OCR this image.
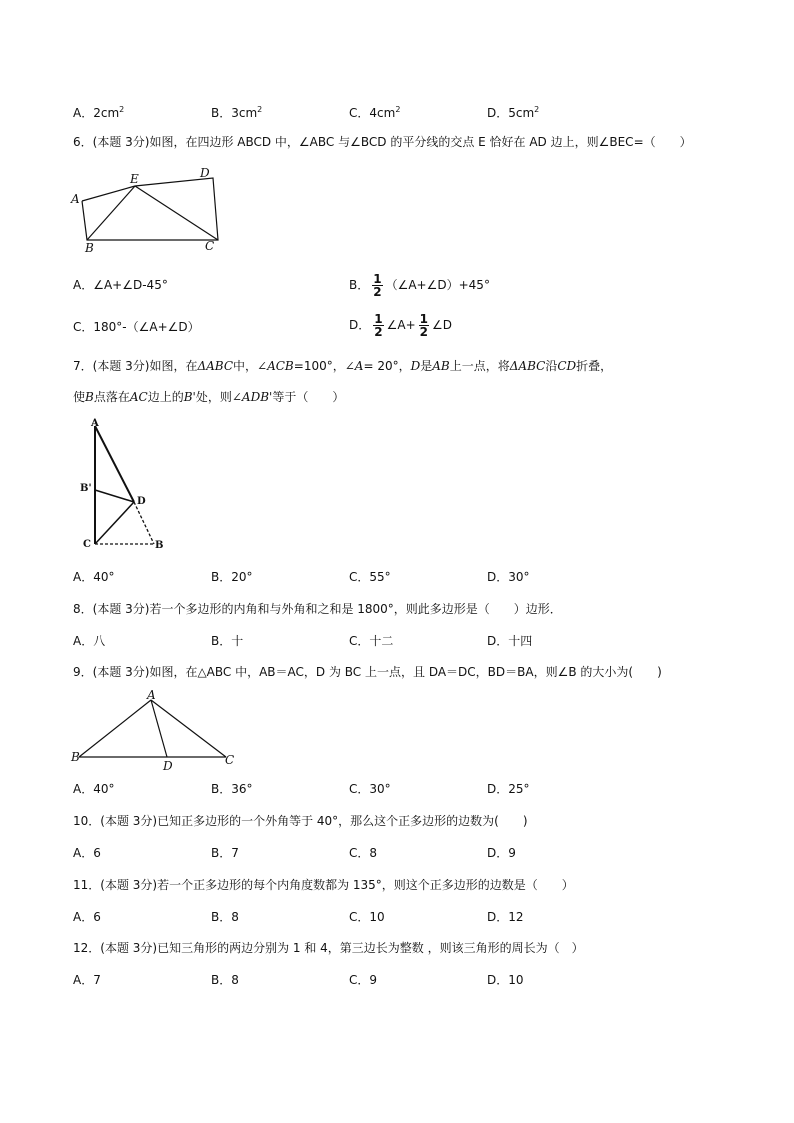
A．$2cm^2$	B．$3cm^2$	C．$4cm^2$	D．$5cm^2$
6．(本题 3分)如图，在四边形 ABCD 中，∠ABC 与∠BCD 的平分线的交点 E 恰好在 AD 边上，则∠BEC=（　　）
A
E	D
B	C
A．∠A+∠D-45°	B． $\frac{1}{2}$ （∠A+∠D）+45°
C．180°-（∠A+∠D）	D． $\frac{1}{2}$ ∠A+ $\frac{1}{2}$ ∠D
7．(本题 3分)如图，在ΔABC中，∠ACB=100°，∠A= 20°，D是AB上一点，将ΔABC沿CD折叠，
使B点落在AC边上的B'处，则∠ADB'等于（　　）
A
B'
D
C	B
A．40°	B．20°	C．55°	D．30°
8．(本题 3分)若一个多边形的内角和与外角和之和是 1800°，则此多边形是（　　）边形．
A．八	B．十	C．十二	D．十四
9．(本题 3分)如图，在△ABC 中，AB＝AC，D 为 BC 上一点，且 DA＝DC，BD＝BA，则∠B 的大小为(　　)
A
B
D	C
A．40°	B．36°	C．30°	D．25°
10．(本题 3分)已知正多边形的一个外角等于 40°，那么这个正多边形的边数为(　　)
A．6	B．7	C．8	D．9
11．(本题 3分)若一个正多边形的每个内角度数都为 135°，则这个正多边形的边数是（　　）
A．6	B．8	C．10	D．12
12．(本题 3分)已知三角形的两边分别为 1 和 4，第三边长为整数 ，则该三角形的周长为（　）
A．7	B．8	C．9	D．10
